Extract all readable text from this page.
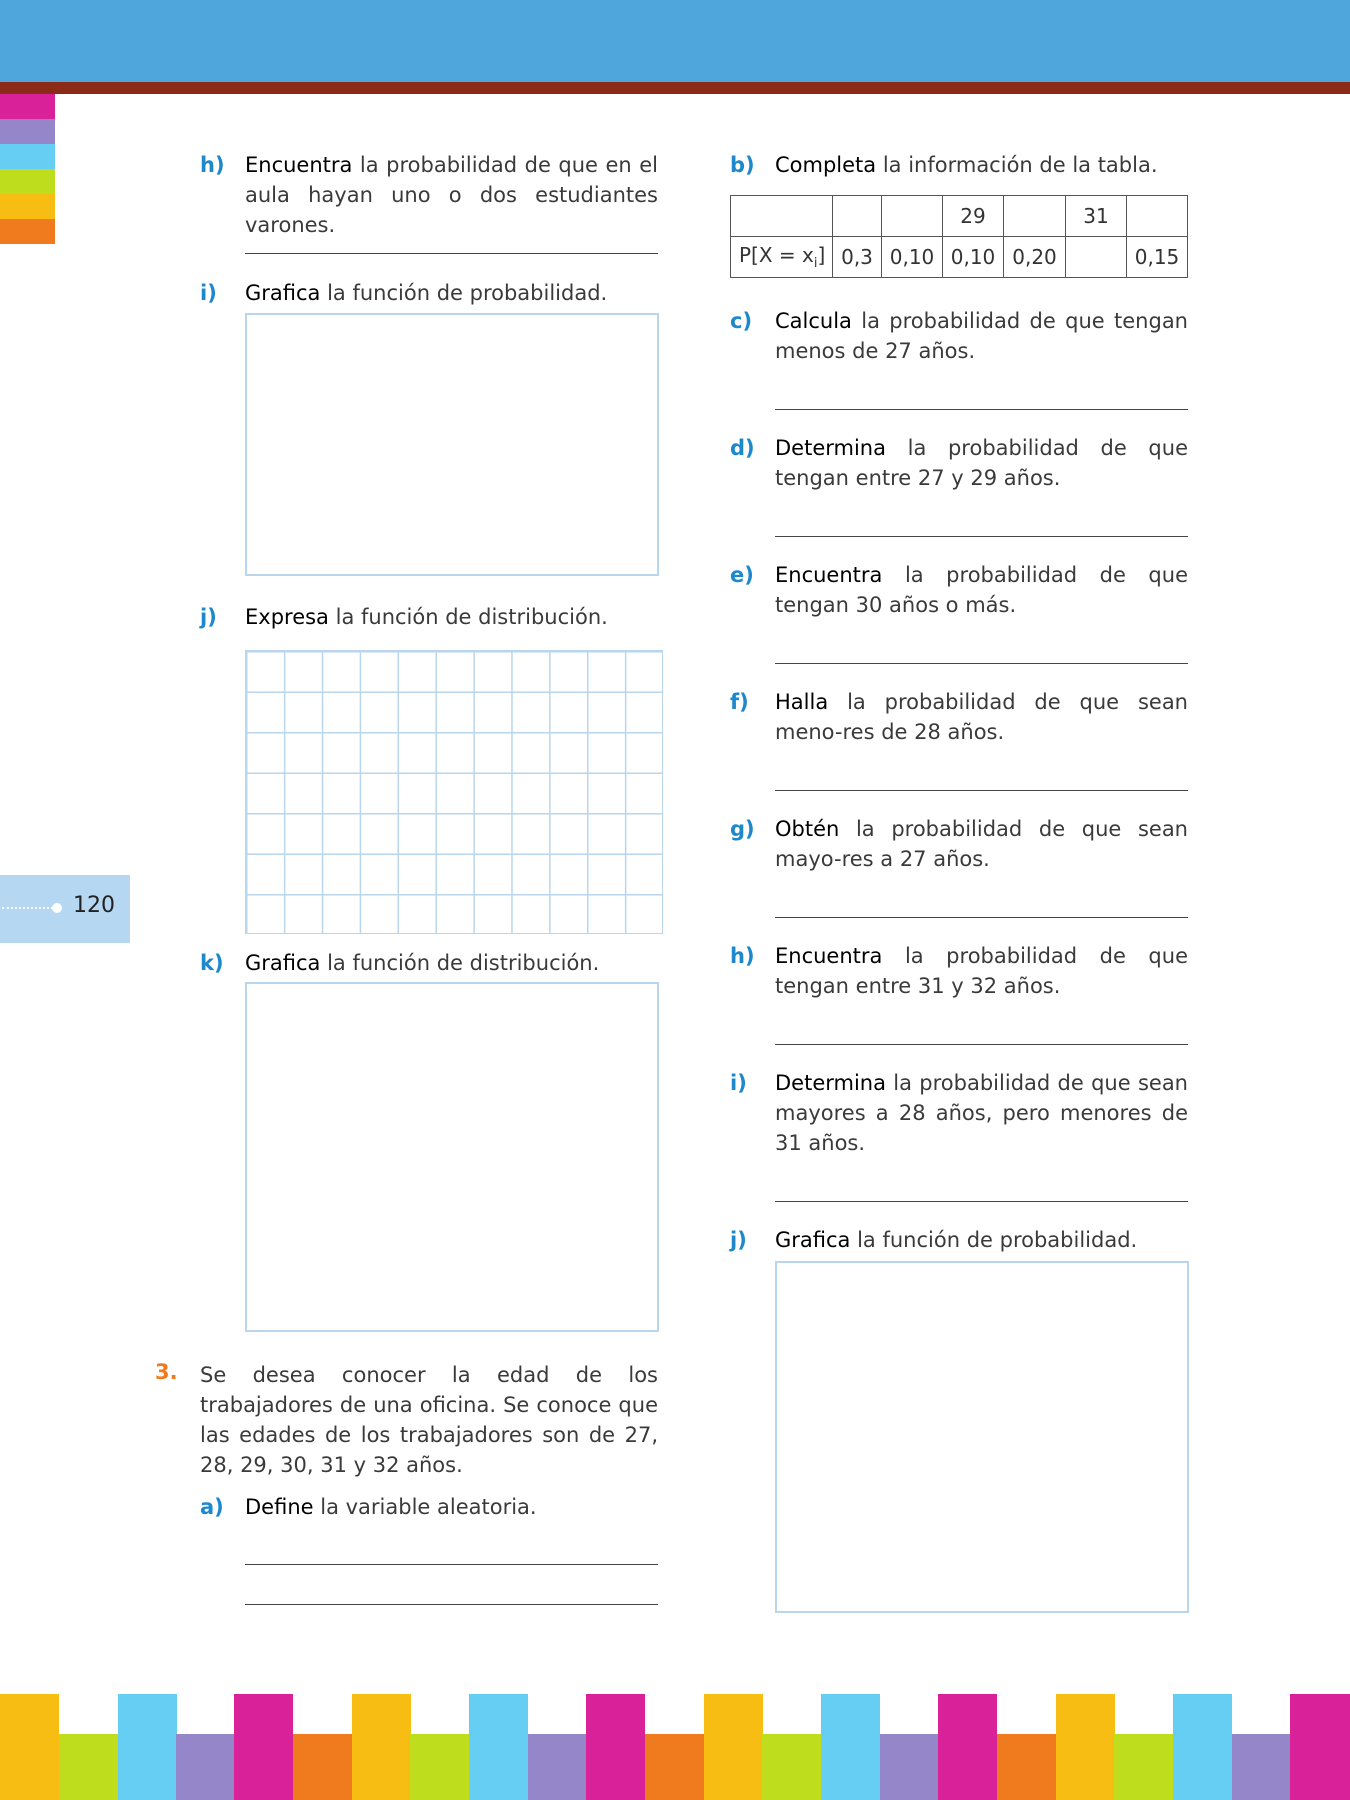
120
h) Encuentra la probabilidad de que en el aula hayan uno o dos estudiantes varones.
i) Grafica la función de probabilidad.
j) Expresa la función de distribución.
k) Grafica la función de distribución.
3. Se desea conocer la edad de los trabajadores de una oficina. Se conoce que las edades de los trabajadores son de 27, 28, 29, 30, 31 y 32 años.
a) Define la variable aleatoria.
b) Completa la información de la tabla.
			29		31	
$P[X = x_i]$	0,3	0,10	0,10	0,20		0,15
c) Calcula la probabilidad de que tengan menos de 27 años.
d) Determina la probabilidad de que tengan entre 27 y 29 años.
e) Encuentra la probabilidad de que tengan 30 años o más.
f) Halla la probabilidad de que sean meno-res de 28 años.
g) Obtén la probabilidad de que sean mayo-res a 27 años.
h) Encuentra la probabilidad de que tengan entre 31 y 32 años.
i) Determina la probabilidad de que sean mayores a 28 años, pero menores de 31 años.
j) Grafica la función de probabilidad.
